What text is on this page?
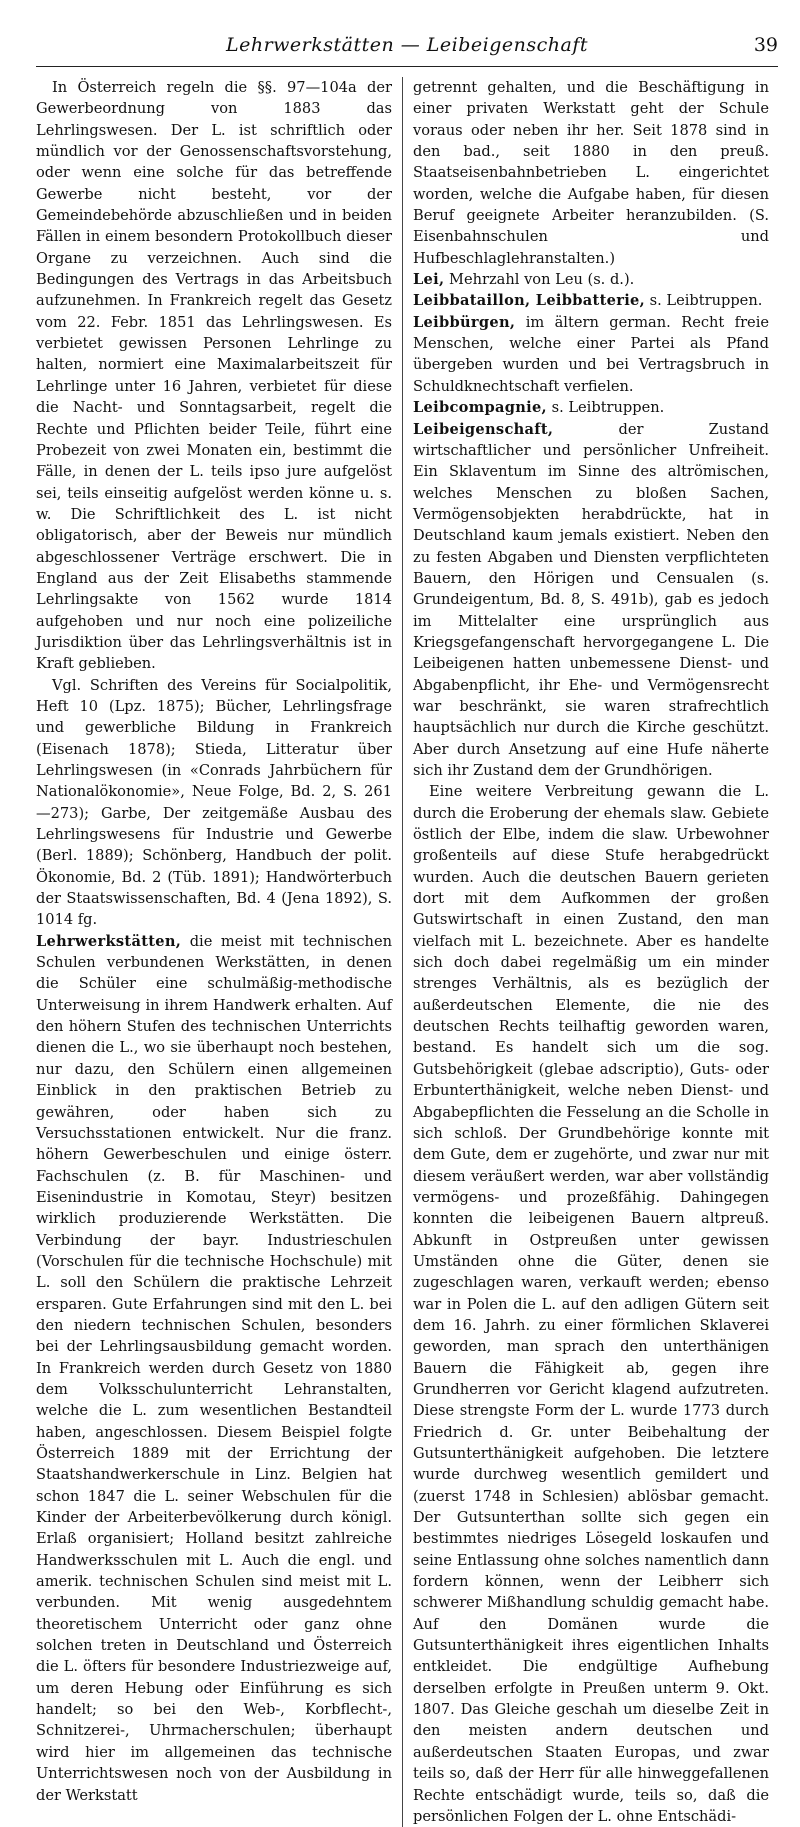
Lehrwerkstätten — Leibeigenschaft	39

In Österreich regeln die §§. 97—104a der Gewerbeordnung von 1883 das Lehrlingswesen. Der L. ist schriftlich oder mündlich vor der Genossenschaftsvorstehung, oder wenn eine solche für das betreffende Gewerbe nicht besteht, vor der Gemeindebehörde abzuschließen und in beiden Fällen in einem besondern Protokollbuch dieser Organe zu verzeichnen. Auch sind die Bedingungen des Vertrags in das Arbeitsbuch aufzunehmen. In Frankreich regelt das Gesetz vom 22. Febr. 1851 das Lehrlingswesen. Es verbietet gewissen Personen Lehrlinge zu halten, normiert eine Maximalarbeitszeit für Lehrlinge unter 16 Jahren, verbietet für diese die Nacht- und Sonntagsarbeit, regelt die Rechte und Pflichten beider Teile, führt eine Probezeit von zwei Monaten ein, bestimmt die Fälle, in denen der L. teils ipso jure aufgelöst sei, teils einseitig aufgelöst werden könne u. s. w. Die Schriftlichkeit des L. ist nicht obligatorisch, aber der Beweis nur mündlich abgeschlossener Verträge erschwert. Die in England aus der Zeit Elisabeths stammende Lehrlingsakte von 1562 wurde 1814 aufgehoben und nur noch eine polizeiliche Jurisdiktion über das Lehrlingsverhältnis ist in Kraft geblieben.

Vgl. Schriften des Vereins für Socialpolitik, Heft 10 (Lpz. 1875); Bücher, Lehrlingsfrage und gewerbliche Bildung in Frankreich (Eisenach 1878); Stieda, Litteratur über Lehrlingswesen (in «Conrads Jahrbüchern für Nationalökonomie», Neue Folge, Bd. 2, S. 261—273); Garbe, Der zeitgemäße Ausbau des Lehrlingswesens für Industrie und Gewerbe (Berl. 1889); Schönberg, Handbuch der polit. Ökonomie, Bd. 2 (Tüb. 1891); Handwörterbuch der Staatswissenschaften, Bd. 4 (Jena 1892), S. 1014 fg.

Lehrwerkstätten, die meist mit technischen Schulen verbundenen Werkstätten, in denen die Schüler eine schulmäßig-methodische Unterweisung in ihrem Handwerk erhalten. Auf den höhern Stufen des technischen Unterrichts dienen die L., wo sie überhaupt noch bestehen, nur dazu, den Schülern einen allgemeinen Einblick in den praktischen Betrieb zu gewähren, oder haben sich zu Versuchsstationen entwickelt. Nur die franz. höhern Gewerbeschulen und einige österr. Fachschulen (z. B. für Maschinen- und Eisenindustrie in Komotau, Steyr) besitzen wirklich produzierende Werkstätten. Die Verbindung der bayr. Industrieschulen (Vorschulen für die technische Hochschule) mit L. soll den Schülern die praktische Lehrzeit ersparen. Gute Erfahrungen sind mit den L. bei den niedern technischen Schulen, besonders bei der Lehrlingsausbildung gemacht worden. In Frankreich werden durch Gesetz von 1880 dem Volksschulunterricht Lehranstalten, welche die L. zum wesentlichen Bestandteil haben, angeschlossen. Diesem Beispiel folgte Österreich 1889 mit der Errichtung der Staatshandwerkerschule in Linz. Belgien hat schon 1847 die L. seiner Webschulen für die Kinder der Arbeiterbevölkerung durch königl. Erlaß organisiert; Holland besitzt zahlreiche Handwerksschulen mit L. Auch die engl. und amerik. technischen Schulen sind meist mit L. verbunden. Mit wenig ausgedehntem theoretischem Unterricht oder ganz ohne solchen treten in Deutschland und Österreich die L. öfters für besondere Industriezweige auf, um deren Hebung oder Einführung es sich handelt; so bei den Web-, Korbflecht-, Schnitzerei-, Uhrmacherschulen; überhaupt wird hier im allgemeinen das technische Unterrichtswesen noch von der Ausbildung in der Werkstatt

getrennt gehalten, und die Beschäftigung in einer privaten Werkstatt geht der Schule voraus oder neben ihr her. Seit 1878 sind in den bad., seit 1880 in den preuß. Staatseisenbahnbetrieben L. eingerichtet worden, welche die Aufgabe haben, für diesen Beruf geeignete Arbeiter heranzubilden. (S. Eisenbahnschulen und Hufbeschlaglehranstalten.)

Lei, Mehrzahl von Leu (s. d.).

Leibbataillon, Leibbatterie, s. Leibtruppen.

Leibbürgen, im ältern german. Recht freie Menschen, welche einer Partei als Pfand übergeben wurden und bei Vertragsbruch in Schuldknechtschaft verfielen.

Leibcompagnie, s. Leibtruppen.

Leibeigenschaft, der Zustand wirtschaftlicher und persönlicher Unfreiheit. Ein Sklaventum im Sinne des altrömischen, welches Menschen zu bloßen Sachen, Vermögensobjekten herabdrückte, hat in Deutschland kaum jemals existiert. Neben den zu festen Abgaben und Diensten verpflichteten Bauern, den Hörigen und Censualen (s. Grundeigentum, Bd. 8, S. 491b), gab es jedoch im Mittelalter eine ursprünglich aus Kriegsgefangenschaft hervorgegangene L. Die Leibeigenen hatten unbemessene Dienst- und Abgabenpflicht, ihr Ehe- und Vermögensrecht war beschränkt, sie waren strafrechtlich hauptsächlich nur durch die Kirche geschützt. Aber durch Ansetzung auf eine Hufe näherte sich ihr Zustand dem der Grundhörigen.

Eine weitere Verbreitung gewann die L. durch die Eroberung der ehemals slaw. Gebiete östlich der Elbe, indem die slaw. Urbewohner großenteils auf diese Stufe herabgedrückt wurden. Auch die deutschen Bauern gerieten dort mit dem Aufkommen der großen Gutswirtschaft in einen Zustand, den man vielfach mit L. bezeichnete. Aber es handelte sich doch dabei regelmäßig um ein minder strenges Verhältnis, als es bezüglich der außerdeutschen Elemente, die nie des deutschen Rechts teilhaftig geworden waren, bestand. Es handelt sich um die sog. Gutsbehörigkeit (glebae adscriptio), Guts- oder Erbunterthänigkeit, welche neben Dienst- und Abgabepflichten die Fesselung an die Scholle in sich schloß. Der Grundbehörige konnte mit dem Gute, dem er zugehörte, und zwar nur mit diesem veräußert werden, war aber vollständig vermögens- und prozeßfähig. Dahingegen konnten die leibeigenen Bauern altpreuß. Abkunft in Ostpreußen unter gewissen Umständen ohne die Güter, denen sie zugeschlagen waren, verkauft werden; ebenso war in Polen die L. auf den adligen Gütern seit dem 16. Jahrh. zu einer förmlichen Sklaverei geworden, man sprach den unterthänigen Bauern die Fähigkeit ab, gegen ihre Grundherren vor Gericht klagend aufzutreten. Diese strengste Form der L. wurde 1773 durch Friedrich d. Gr. unter Beibehaltung der Gutsunterthänigkeit aufgehoben. Die letztere wurde durchweg wesentlich gemildert und (zuerst 1748 in Schlesien) ablösbar gemacht. Der Gutsunterthan sollte sich gegen ein bestimmtes niedriges Lösegeld loskaufen und seine Entlassung ohne solches namentlich dann fordern können, wenn der Leibherr sich schwerer Mißhandlung schuldig gemacht habe. Auf den Domänen wurde die Gutsunterthänigkeit ihres eigentlichen Inhalts entkleidet. Die endgültige Aufhebung derselben erfolgte in Preußen unterm 9. Okt. 1807. Das Gleiche geschah um dieselbe Zeit in den meisten andern deutschen und außerdeutschen Staaten Europas, und zwar teils so, daß der Herr für alle hinweggefallenen Rechte entschädigt wurde, teils so, daß die persönlichen Folgen der L. ohne Entschädi-
